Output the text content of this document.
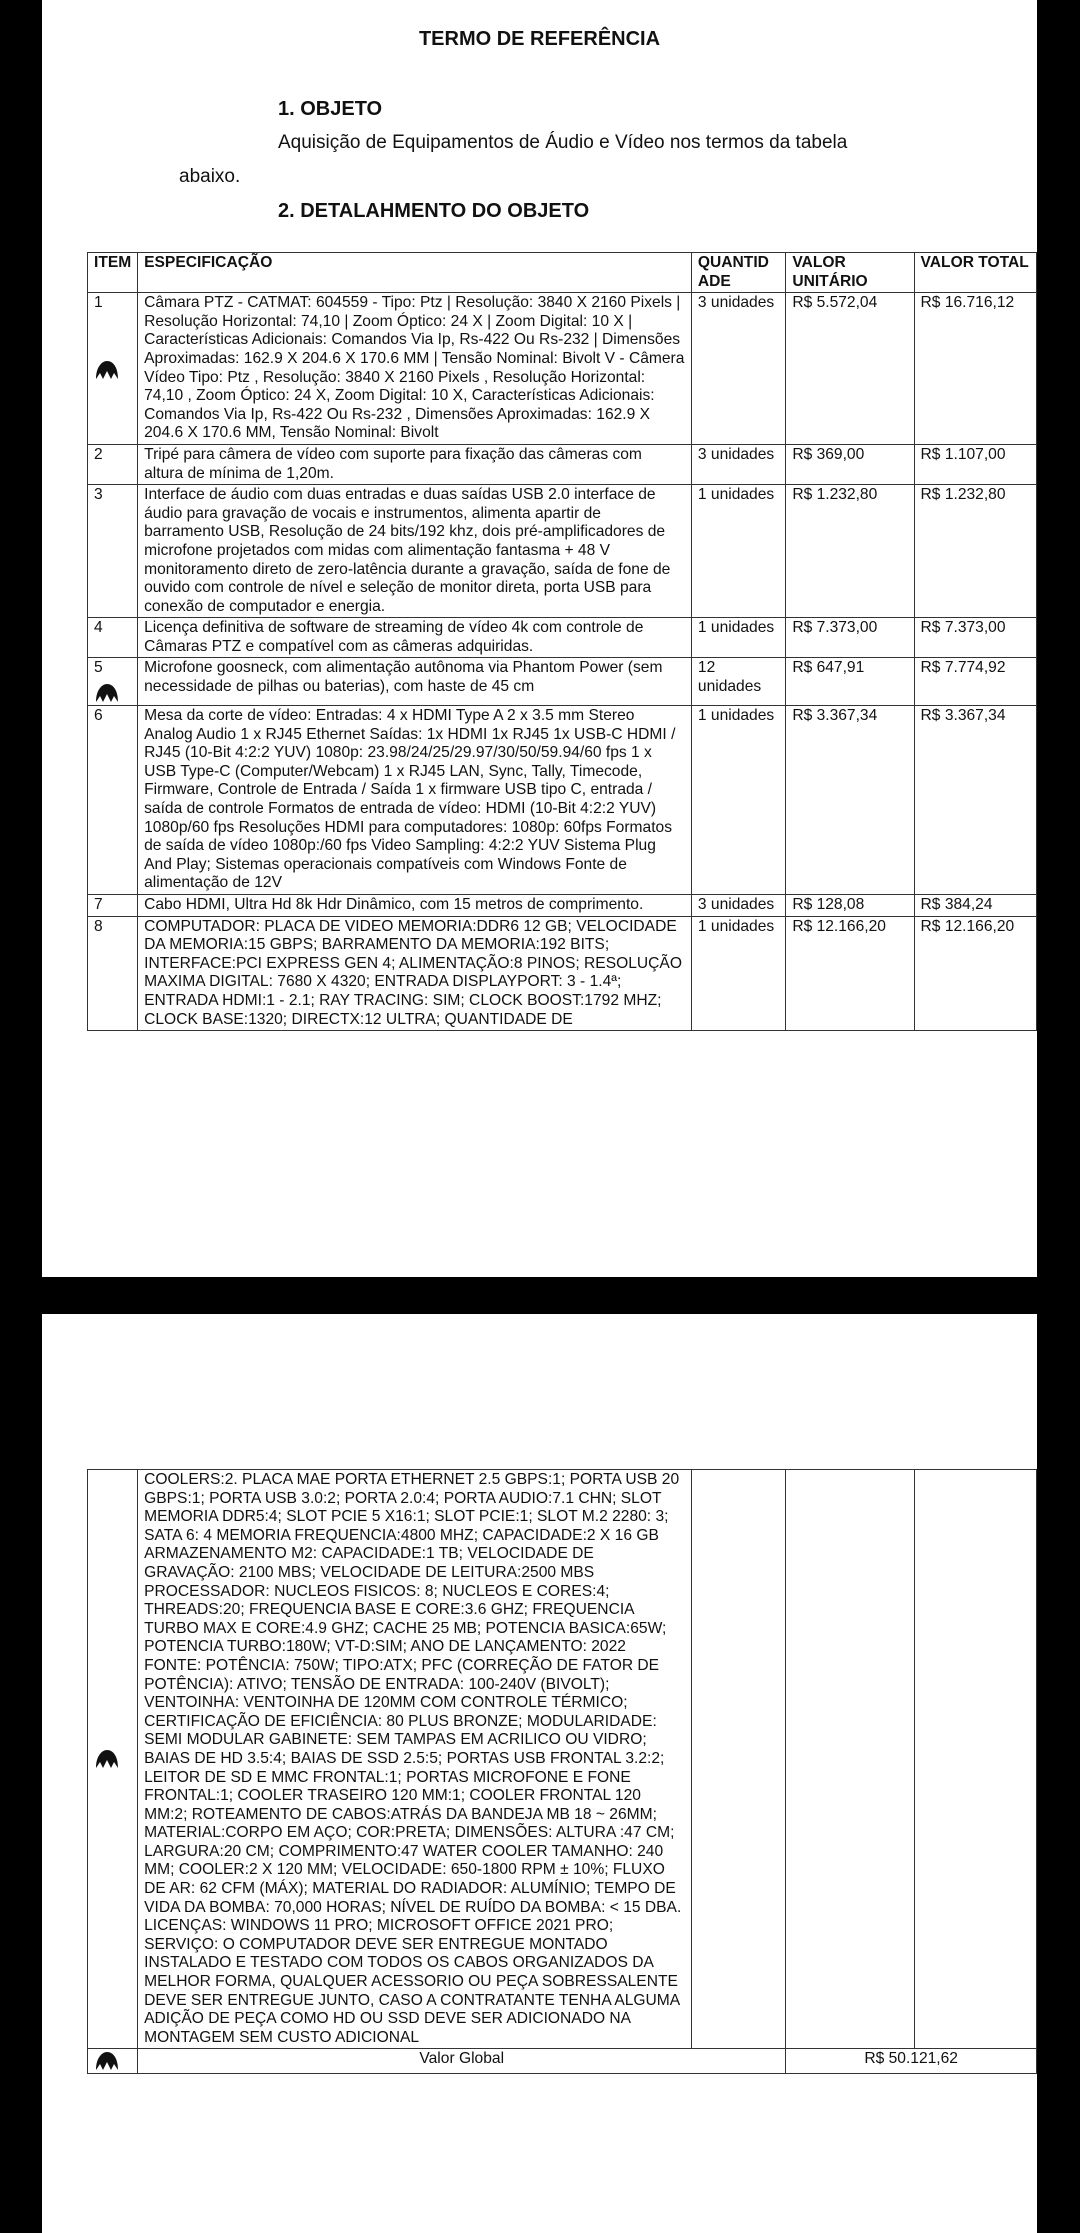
TERMO DE REFERÊNCIA
1. OBJETO
Aquisição de Equipamentos de Áudio e Vídeo nos termos da tabela
abaixo.
2. DETALAHMENTO DO OBJETO
ITEM	ESPECIFICAÇÃO	QUANTIDADE	VALOR UNITÁRIO	VALOR TOTAL
1	Câmara PTZ - CATMAT: 604559 - Tipo: Ptz | Resolução: 3840 X 2160 Pixels | Resolução Horizontal: 74,10 | Zoom Óptico: 24 X | Zoom Digital: 10 X | Características Adicionais: Comandos Via Ip, Rs-422 Ou Rs-232 | Dimensões Aproximadas: 162.9 X 204.6 X 170.6 MM | Tensão Nominal: Bivolt V - Câmera Vídeo Tipo: Ptz , Resolução: 3840 X 2160 Pixels , Resolução Horizontal: 74,10 , Zoom Óptico: 24 X, Zoom Digital: 10 X, Características Adicionais: Comandos Via Ip, Rs-422 Ou Rs-232 , Dimensões Aproximadas: 162.9 X 204.6 X 170.6 MM, Tensão Nominal: Bivolt	3 unidades	R$ 5.572,04	R$ 16.716,12
2	Tripé para câmera de vídeo com suporte para fixação das câmeras com altura de mínima de 1,20m.	3 unidades	R$ 369,00	R$ 1.107,00
3	Interface de áudio com duas entradas e duas saídas USB 2.0 interface de áudio para gravação de vocais e instrumentos, alimenta apartir de barramento USB, Resolução de 24 bits/192 khz, dois pré-amplificadores de microfone projetados com midas com alimentação fantasma + 48 V monitoramento direto de zero-latência durante a gravação, saída de fone de ouvido com controle de nível e seleção de monitor direta, porta USB para conexão de computador e energia.	1 unidades	R$ 1.232,80	R$ 1.232,80
4	Licença definitiva de software de streaming de vídeo 4k com controle de Câmaras PTZ e compatível com as câmeras adquiridas.	1 unidades	R$ 7.373,00	R$ 7.373,00
5	Microfone goosneck, com alimentação autônoma via Phantom Power (sem necessidade de pilhas ou baterias), com haste de 45 cm	12 unidades	R$ 647,91	R$ 7.774,92
6	Mesa da corte de vídeo: Entradas: 4 x HDMI Type A 2 x 3.5 mm Stereo Analog Audio 1 x RJ45 Ethernet Saídas: 1x HDMI 1x RJ45 1x USB-C HDMI / RJ45 (10-Bit 4:2:2 YUV) 1080p: 23.98/24/25/29.97/30/50/59.94/60 fps 1 x USB Type-C (Computer/Webcam) 1 x RJ45 LAN, Sync, Tally, Timecode, Firmware, Controle de Entrada / Saída 1 x firmware USB tipo C, entrada / saída de controle Formatos de entrada de vídeo: HDMI (10-Bit 4:2:2 YUV) 1080p/60 fps Resoluções HDMI para computadores: 1080p: 60fps Formatos de saída de vídeo 1080p:/60 fps Video Sampling: 4:2:2 YUV Sistema Plug And Play; Sistemas operacionais compatíveis com Windows Fonte de alimentação de 12V	1 unidades	R$ 3.367,34	R$ 3.367,34
7	Cabo HDMI, Ultra Hd 8k Hdr Dinâmico, com 15 metros de comprimento.	3 unidades	R$ 128,08	R$ 384,24
8	COMPUTADOR: PLACA DE VIDEO MEMORIA:DDR6 12 GB; VELOCIDADE DA MEMORIA:15 GBPS; BARRAMENTO DA MEMORIA:192 BITS; INTERFACE:PCI EXPRESS GEN 4; ALIMENTAÇÃO:8 PINOS; RESOLUÇÃO MAXIMA DIGITAL: 7680 X 4320; ENTRADA DISPLAYPORT: 3 - 1.4ª; ENTRADA HDMI:1 - 2.1; RAY TRACING: SIM; CLOCK BOOST:1792 MHZ; CLOCK BASE:1320; DIRECTX:12 ULTRA; QUANTIDADE DE	1 unidades	R$ 12.166,20	R$ 12.166,20
	COOLERS:2. PLACA MAE PORTA ETHERNET 2.5 GBPS:1; PORTA USB 20 GBPS:1; PORTA USB 3.0:2; PORTA 2.0:4; PORTA AUDIO:7.1 CHN; SLOT MEMORIA DDR5:4; SLOT PCIE 5 X16:1; SLOT PCIE:1; SLOT M.2 2280: 3; SATA 6: 4 MEMORIA FREQUENCIA:4800 MHZ; CAPACIDADE:2 X 16 GB ARMAZENAMENTO M2: CAPACIDADE:1 TB; VELOCIDADE DE GRAVAÇÃO: 2100 MBS; VELOCIDADE DE LEITURA:2500 MBS PROCESSADOR: NUCLEOS FISICOS: 8; NUCLEOS E CORES:4; THREADS:20; FREQUENCIA BASE E CORE:3.6 GHZ; FREQUENCIA TURBO MAX E CORE:4.9 GHZ; CACHE 25 MB; POTENCIA BASICA:65W; POTENCIA TURBO:180W; VT-D:SIM; ANO DE LANÇAMENTO: 2022 FONTE: POTÊNCIA: 750W; TIPO:ATX; PFC (CORREÇÃO DE FATOR DE POTÊNCIA): ATIVO; TENSÃO DE ENTRADA: 100-240V (BIVOLT); VENTOINHA: VENTOINHA DE 120MM COM CONTROLE TÉRMICO; CERTIFICAÇÃO DE EFICIÊNCIA: 80 PLUS BRONZE; MODULARIDADE: SEMI MODULAR GABINETE: SEM TAMPAS EM ACRILICO OU VIDRO; BAIAS DE HD 3.5:4; BAIAS DE SSD 2.5:5; PORTAS USB FRONTAL 3.2:2; LEITOR DE SD E MMC FRONTAL:1; PORTAS MICROFONE E FONE FRONTAL:1; COOLER TRASEIRO 120 MM:1; COOLER FRONTAL 120 MM:2; ROTEAMENTO DE CABOS:ATRÁS DA BANDEJA MB 18 ~ 26MM; MATERIAL:CORPO EM AÇO; COR:PRETA; DIMENSÕES: ALTURA :47 CM; LARGURA:20 CM; COMPRIMENTO:47 WATER COOLER TAMANHO: 240 MM; COOLER:2 X 120 MM; VELOCIDADE: 650-1800 RPM ± 10%; FLUXO DE AR: 62 CFM (MÁX); MATERIAL DO RADIADOR: ALUMÍNIO; TEMPO DE VIDA DA BOMBA: 70,000 HORAS; NÍVEL DE RUÍDO DA BOMBA: < 15 DBA. LICENÇAS: WINDOWS 11 PRO; MICROSOFT OFFICE 2021 PRO; SERVIÇO: O COMPUTADOR DEVE SER ENTREGUE MONTADO INSTALADO E TESTADO COM TODOS OS CABOS ORGANIZADOS DA MELHOR FORMA, QUALQUER ACESSORIO OU PEÇA SOBRESSALENTE DEVE SER ENTREGUE JUNTO, CASO A CONTRATANTE TENHA ALGUMA ADIÇÃO DE PEÇA COMO HD OU SSD DEVE SER ADICIONADO NA MONTAGEM SEM CUSTO ADICIONAL			

	Valor Global		R$ 50.121,62	
